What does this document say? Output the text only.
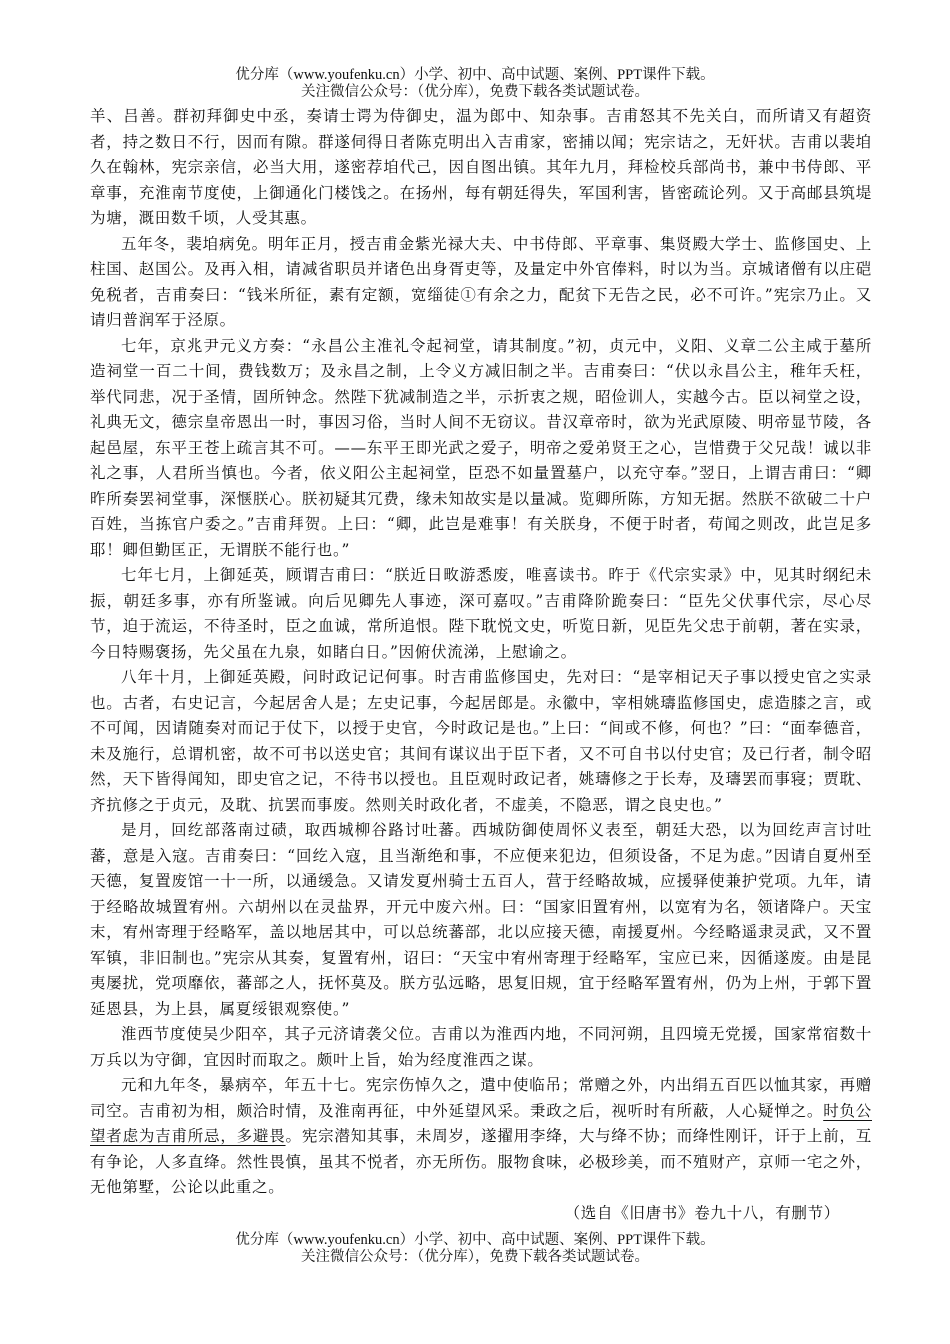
优分库（www.youfenku.cn）小学、初中、高中试题、案例、PPT课件下载。
关注微信公众号：（优分库），免费下载各类试题试卷。

羊、吕善。群初拜御史中丞，奏请士谔为侍御史，温为郎中、知杂事。吉甫怒其不先关白，而所请又有超资者，持之数日不行，因而有隙。群遂伺得日者陈克明出入吉甫家，密捕以闻；宪宗诘之，无奸状。吉甫以裴垍久在翰林，宪宗亲信，必当大用，遂密荐垍代己，因自图出镇。其年九月，拜检校兵部尚书，兼中书侍郎、平章事，充淮南节度使，上御通化门楼饯之。在扬州，每有朝廷得失，军国利害，皆密疏论列。又于高邮县筑堤为塘，溉田数千顷，人受其惠。

五年冬，裴垍病免。明年正月，授吉甫金紫光禄大夫、中书侍郎、平章事、集贤殿大学士、监修国史、上柱国、赵国公。及再入相，请减省职员并诸色出身胥吏等，及量定中外官俸料，时以为当。京城诸僧有以庄硙免税者，吉甫奏曰：“钱米所征，素有定额，宽缁徒①有余之力，配贫下无告之民，必不可许。”宪宗乃止。又请归普润军于泾原。

七年，京兆尹元义方奏：“永昌公主准礼令起祠堂，请其制度。”初，贞元中，义阳、义章二公主咸于墓所造祠堂一百二十间，费钱数万；及永昌之制，上令义方减旧制之半。吉甫奏曰：“伏以永昌公主，稚年夭枉，举代同悲，况于圣情，固所钟念。然陛下犹减制造之半，示折衷之规，昭俭训人，实越今古。臣以祠堂之设，礼典无文，德宗皇帝恩出一时，事因习俗，当时人间不无窃议。昔汉章帝时，欲为光武原陵、明帝显节陵，各起邑屋，东平王苍上疏言其不可。——东平王即光武之爱子，明帝之爱弟贤王之心，岂惜费于父兄哉！诚以非礼之事，人君所当慎也。今者，依义阳公主起祠堂，臣恐不如量置墓户，以充守奉。”翌日，上谓吉甫曰：“卿昨所奏罢祠堂事，深惬朕心。朕初疑其冗费，缘未知故实是以量减。览卿所陈，方知无据。然朕不欲破二十户百姓，当拣官户委之。”吉甫拜贺。上曰：“卿，此岂是难事！有关朕身，不便于时者，苟闻之则改，此岂足多耶！卿但勤匡正，无谓朕不能行也。”

七年七月，上御延英，顾谓吉甫曰：“朕近日畋游悉废，唯喜读书。昨于《代宗实录》中，见其时纲纪未振，朝廷多事，亦有所鉴诫。向后见卿先人事迹，深可嘉叹。”吉甫降阶跪奏曰：“臣先父伏事代宗，尽心尽节，迫于流运，不待圣时，臣之血诚，常所追恨。陛下耽悦文史，听览日新，见臣先父忠于前朝，著在实录，今日特赐褒扬，先父虽在九泉，如睹白日。”因俯伏流涕，上慰谕之。

八年十月，上御延英殿，问时政记记何事。时吉甫监修国史，先对曰：“是宰相记天子事以授史官之实录也。古者，右史记言，今起居舍人是；左史记事，今起居郎是。永徽中，宰相姚璹监修国史，虑造膝之言，或不可闻，因请随奏对而记于仗下，以授于史官，今时政记是也。”上曰：“间或不修，何也？”曰：“面奉德音，未及施行，总谓机密，故不可书以送史官；其间有谋议出于臣下者，又不可自书以付史官；及已行者，制令昭然，天下皆得闻知，即史官之记，不待书以授也。且臣观时政记者，姚璹修之于长寿，及璹罢而事寝；贾耽、齐抗修之于贞元，及耽、抗罢而事废。然则关时政化者，不虚美，不隐恶，谓之良史也。”

是月，回纥部落南过碛，取西城柳谷路讨吐蕃。西城防御使周怀义表至，朝廷大恐，以为回纥声言讨吐蕃，意是入寇。吉甫奏曰：“回纥入寇，且当渐绝和事，不应便来犯边，但须设备，不足为虑。”因请自夏州至天德，复置废馆一十一所，以通缓急。又请发夏州骑士五百人，营于经略故城，应援驿使兼护党项。九年，请于经略故城置宥州。六胡州以在灵盐界，开元中废六州。曰：“国家旧置宥州，以宽宥为名，领诸降户。天宝末，宥州寄理于经略军，盖以地居其中，可以总统蕃部，北以应接天德，南援夏州。今经略遥隶灵武，又不置军镇，非旧制也。”宪宗从其奏，复置宥州，诏曰：“天宝中宥州寄理于经略军，宝应已来，因循遂废。由是昆夷屡扰，党项靡依，蕃部之人，抚怀莫及。朕方弘远略，思复旧规，宜于经略军置宥州，仍为上州，于郭下置延恩县，为上县，属夏绥银观察使。”

淮西节度使吴少阳卒，其子元济请袭父位。吉甫以为淮西内地，不同河朔，且四境无党援，国家常宿数十万兵以为守御，宜因时而取之。颇叶上旨，始为经度淮西之谋。

元和九年冬，暴病卒，年五十七。宪宗伤悼久之，遣中使临吊；常赠之外，内出绢五百匹以恤其家，再赠司空。吉甫初为相，颇洽时情，及淮南再征，中外延望风采。秉政之后，视听时有所蔽，人心疑惮之。时负公望者虑为吉甫所忌，多避畏。宪宗潜知其事，未周岁，遂擢用李绛，大与绛不协；而绛性刚讦，讦于上前，互有争论，人多直绛。然性畏慎，虽其不悦者，亦无所伤。服物食味，必极珍美，而不殖财产，京师一宅之外，无他第墅，公论以此重之。

（选自《旧唐书》卷九十八，有删节）

优分库（www.youfenku.cn）小学、初中、高中试题、案例、PPT课件下载。
关注微信公众号：（优分库），免费下载各类试题试卷。
